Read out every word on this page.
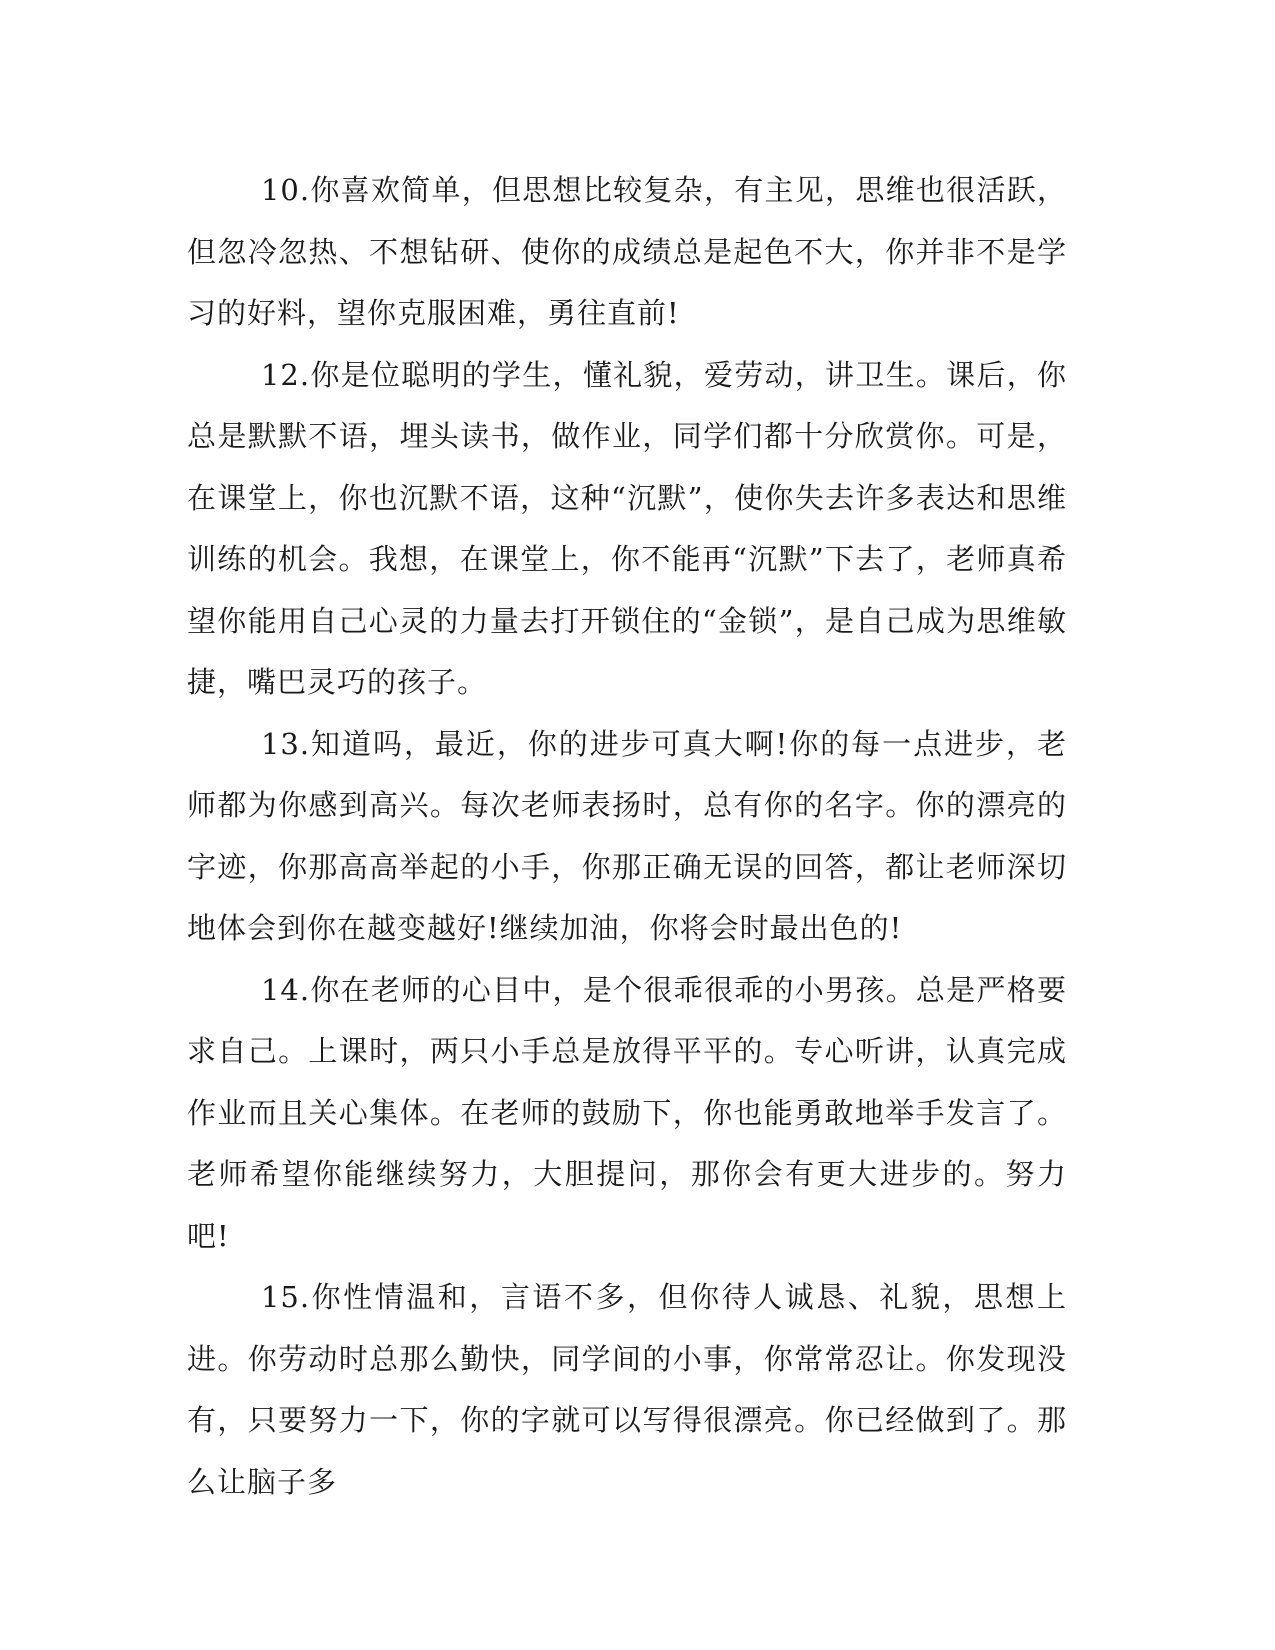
10.你喜欢简单，但思想比较复杂，有主见，思维也很活跃，但忽冷忽热、不想钻研、使你的成绩总是起色不大，你并非不是学习的好料，望你克服困难，勇往直前!

12.你是位聪明的学生，懂礼貌，爱劳动，讲卫生。课后，你总是默默不语，埋头读书，做作业，同学们都十分欣赏你。可是，在课堂上，你也沉默不语，这种“沉默”，使你失去许多表达和思维训练的机会。我想，在课堂上，你不能再“沉默”下去了，老师真希望你能用自己心灵的力量去打开锁住的“金锁”，是自己成为思维敏捷，嘴巴灵巧的孩子。

13.知道吗，最近，你的进步可真大啊!你的每一点进步，老师都为你感到高兴。每次老师表扬时，总有你的名字。你的漂亮的字迹，你那高高举起的小手，你那正确无误的回答，都让老师深切地体会到你在越变越好!继续加油，你将会时最出色的!

14.你在老师的心目中，是个很乖很乖的小男孩。总是严格要求自己。上课时，两只小手总是放得平平的。专心听讲，认真完成作业而且关心集体。在老师的鼓励下，你也能勇敢地举手发言了。老师希望你能继续努力，大胆提问，那你会有更大进步的。努力吧!

15.你性情温和，言语不多，但你待人诚恳、礼貌，思想上进。你劳动时总那么勤快，同学间的小事，你常常忍让。你发现没有，只要努力一下，你的字就可以写得很漂亮。你已经做到了。那么让脑子多
